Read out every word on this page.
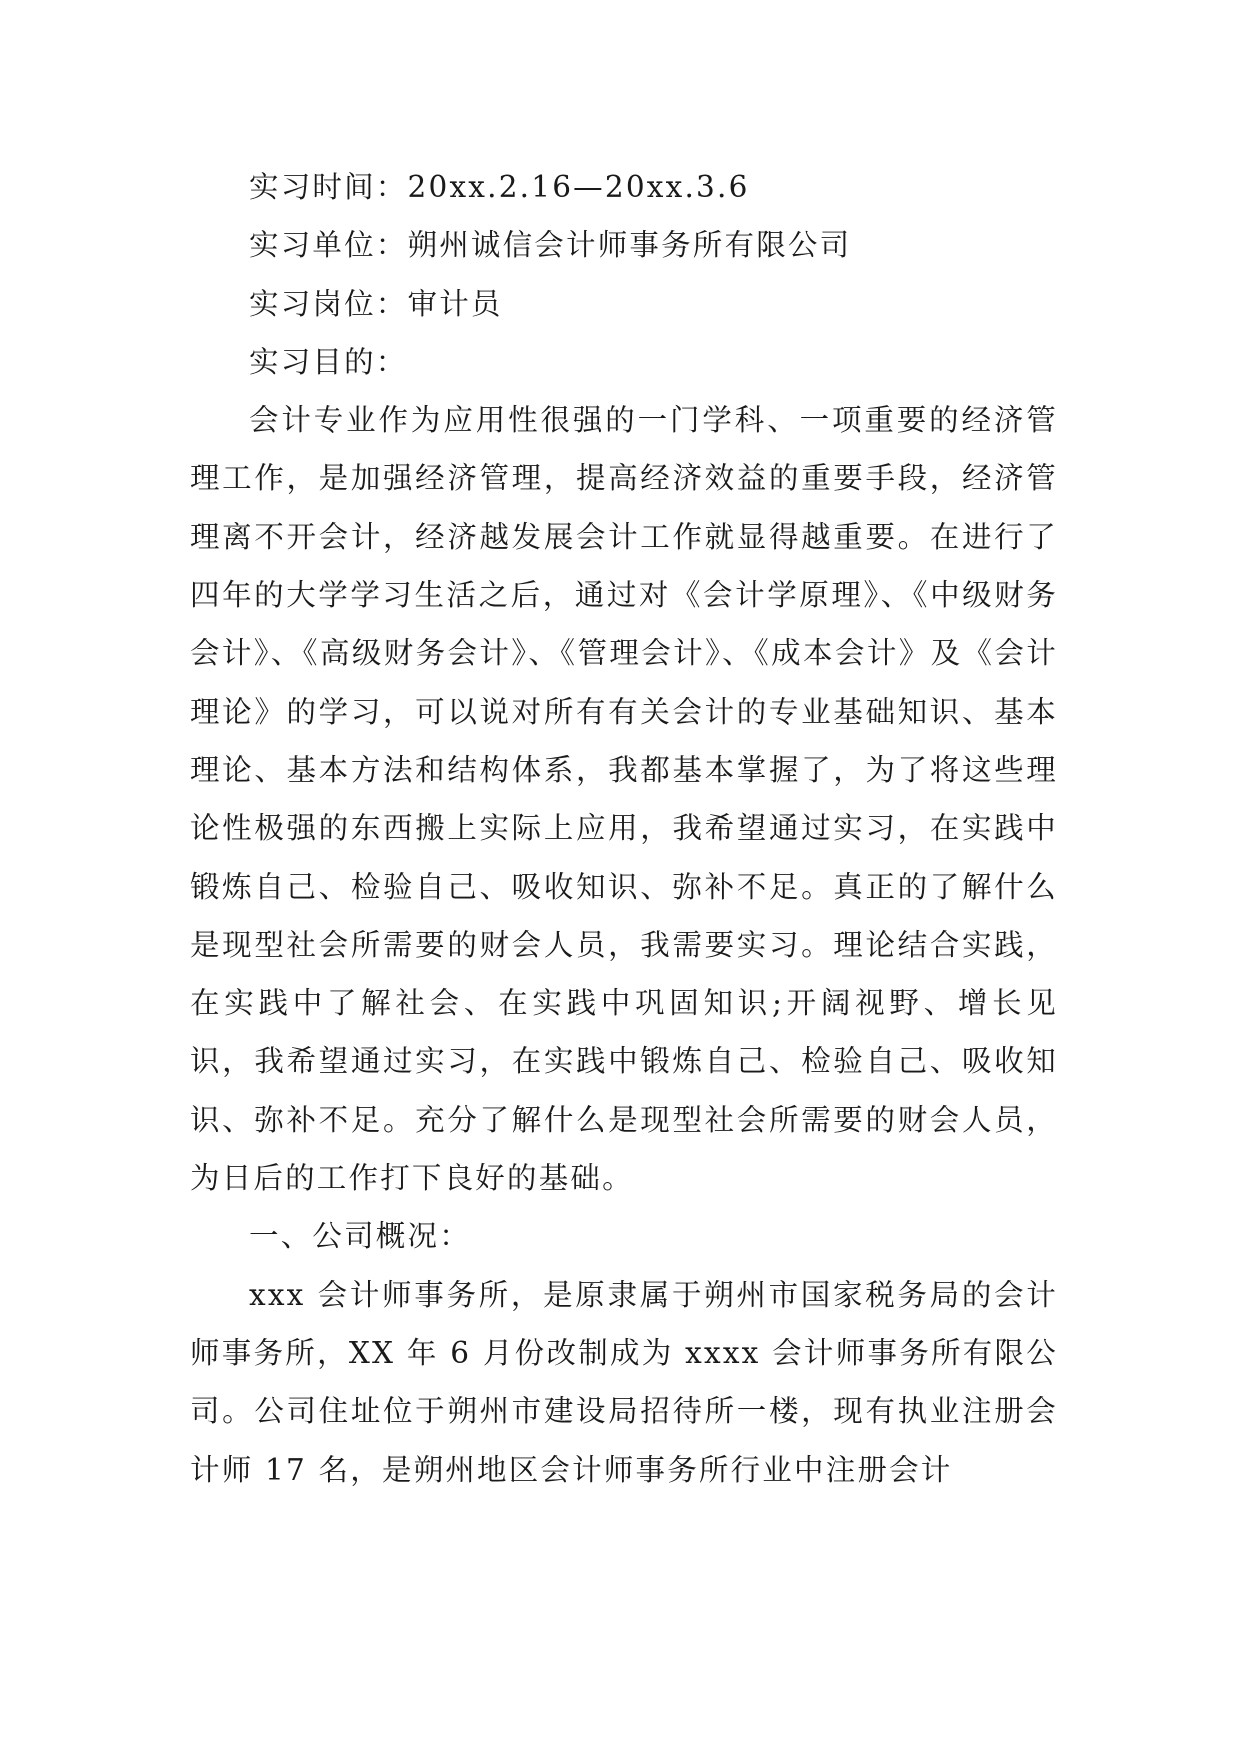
实习时间：20xx.2.16—20xx.3.6

实习单位：朔州诚信会计师事务所有限公司

实习岗位：审计员

实习目的：

会计专业作为应用性很强的一门学科、一项重要的经济管理工作，是加强经济管理，提高经济效益的重要手段，经济管理离不开会计，经济越发展会计工作就显得越重要。在进行了四年的大学学习生活之后，通过对《会计学原理》、《中级财务会计》、《高级财务会计》、《管理会计》、《成本会计》及《会计理论》的学习，可以说对所有有关会计的专业基础知识、基本理论、基本方法和结构体系，我都基本掌握了，为了将这些理论性极强的东西搬上实际上应用，我希望通过实习，在实践中锻炼自己、检验自己、吸收知识、弥补不足。真正的了解什么是现型社会所需要的财会人员，我需要实习。理论结合实践，在实践中了解社会、在实践中巩固知识;开阔视野、增长见识，我希望通过实习，在实践中锻炼自己、检验自己、吸收知识、弥补不足。充分了解什么是现型社会所需要的财会人员，为日后的工作打下良好的基础。

一、公司概况：

xxx 会计师事务所，是原隶属于朔州市国家税务局的会计师事务所，XX 年 6 月份改制成为 xxxx 会计师事务所有限公司。公司住址位于朔州市建设局招待所一楼，现有执业注册会计师 17 名，是朔州地区会计师事务所行业中注册会计
